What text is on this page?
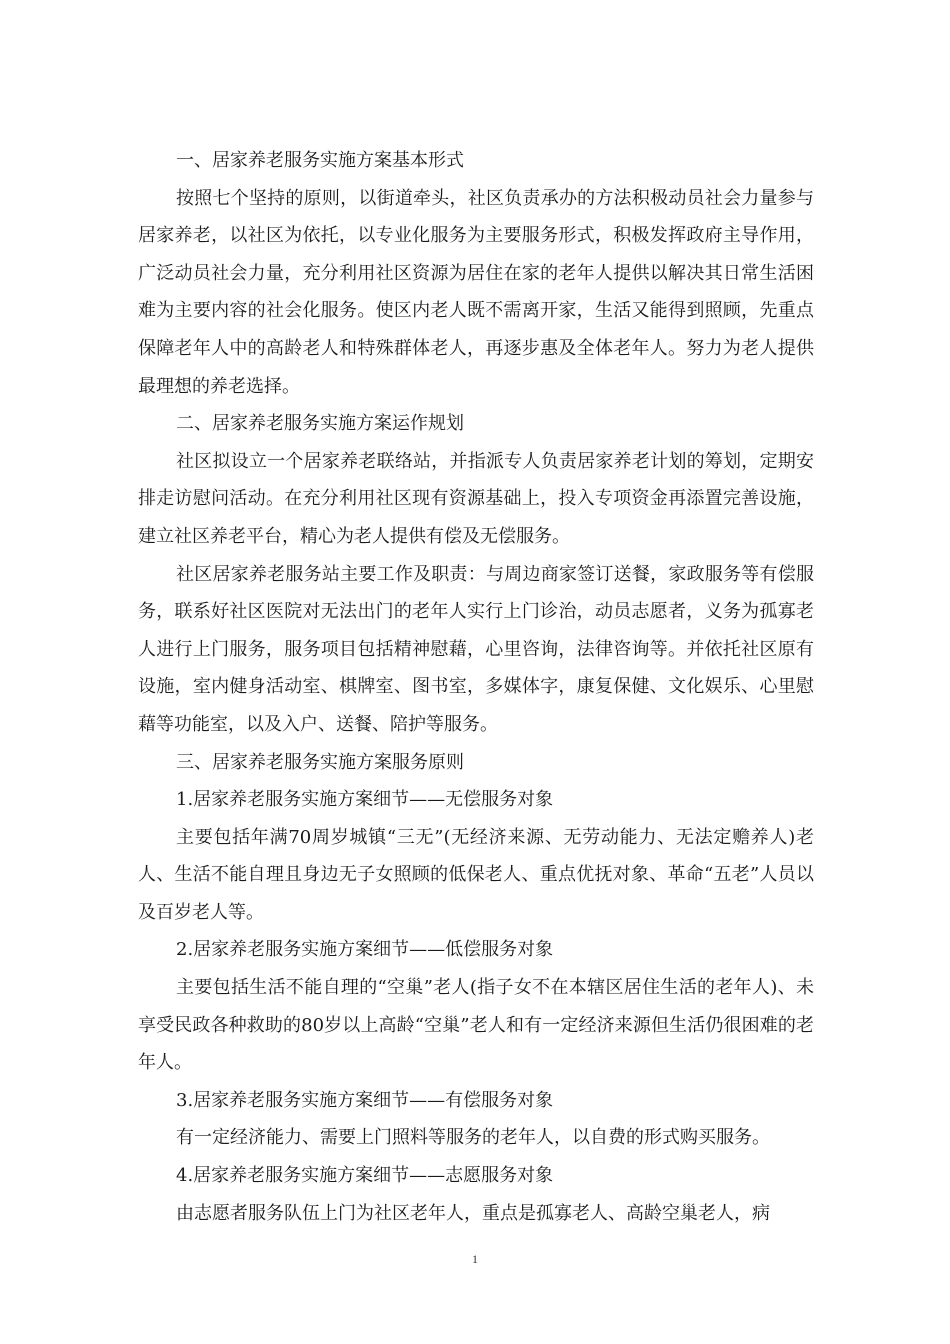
一、居家养老服务实施方案基本形式

按照七个坚持的原则，以街道牵头，社区负责承办的方法积极动员社会力量参与居家养老，以社区为依托，以专业化服务为主要服务形式，积极发挥政府主导作用，广泛动员社会力量，充分利用社区资源为居住在家的老年人提供以解决其日常生活困难为主要内容的社会化服务。使区内老人既不需离开家，生活又能得到照顾，先重点保障老年人中的高龄老人和特殊群体老人，再逐步惠及全体老年人。努力为老人提供最理想的养老选择。

二、居家养老服务实施方案运作规划

社区拟设立一个居家养老联络站，并指派专人负责居家养老计划的筹划，定期安排走访慰问活动。在充分利用社区现有资源基础上，投入专项资金再添置完善设施，建立社区养老平台，精心为老人提供有偿及无偿服务。

社区居家养老服务站主要工作及职责：与周边商家签订送餐，家政服务等有偿服务，联系好社区医院对无法出门的老年人实行上门诊治，动员志愿者，义务为孤寡老人进行上门服务，服务项目包括精神慰藉，心里咨询，法律咨询等。并依托社区原有设施，室内健身活动室、棋牌室、图书室，多媒体字，康复保健、文化娱乐、心里慰藉等功能室，以及入户、送餐、陪护等服务。

三、居家养老服务实施方案服务原则

1.居家养老服务实施方案细节——无偿服务对象

主要包括年满70周岁城镇“三无”(无经济来源、无劳动能力、无法定赡养人)老人、生活不能自理且身边无子女照顾的低保老人、重点优抚对象、革命“五老”人员以及百岁老人等。

2.居家养老服务实施方案细节——低偿服务对象

主要包括生活不能自理的“空巢”老人(指子女不在本辖区居住生活的老年人)、未享受民政各种救助的80岁以上高龄“空巢”老人和有一定经济来源但生活仍很困难的老年人。

3.居家养老服务实施方案细节——有偿服务对象

有一定经济能力、需要上门照料等服务的老年人，以自费的形式购买服务。

4.居家养老服务实施方案细节——志愿服务对象

由志愿者服务队伍上门为社区老年人，重点是孤寡老人、高龄空巢老人，病

1
